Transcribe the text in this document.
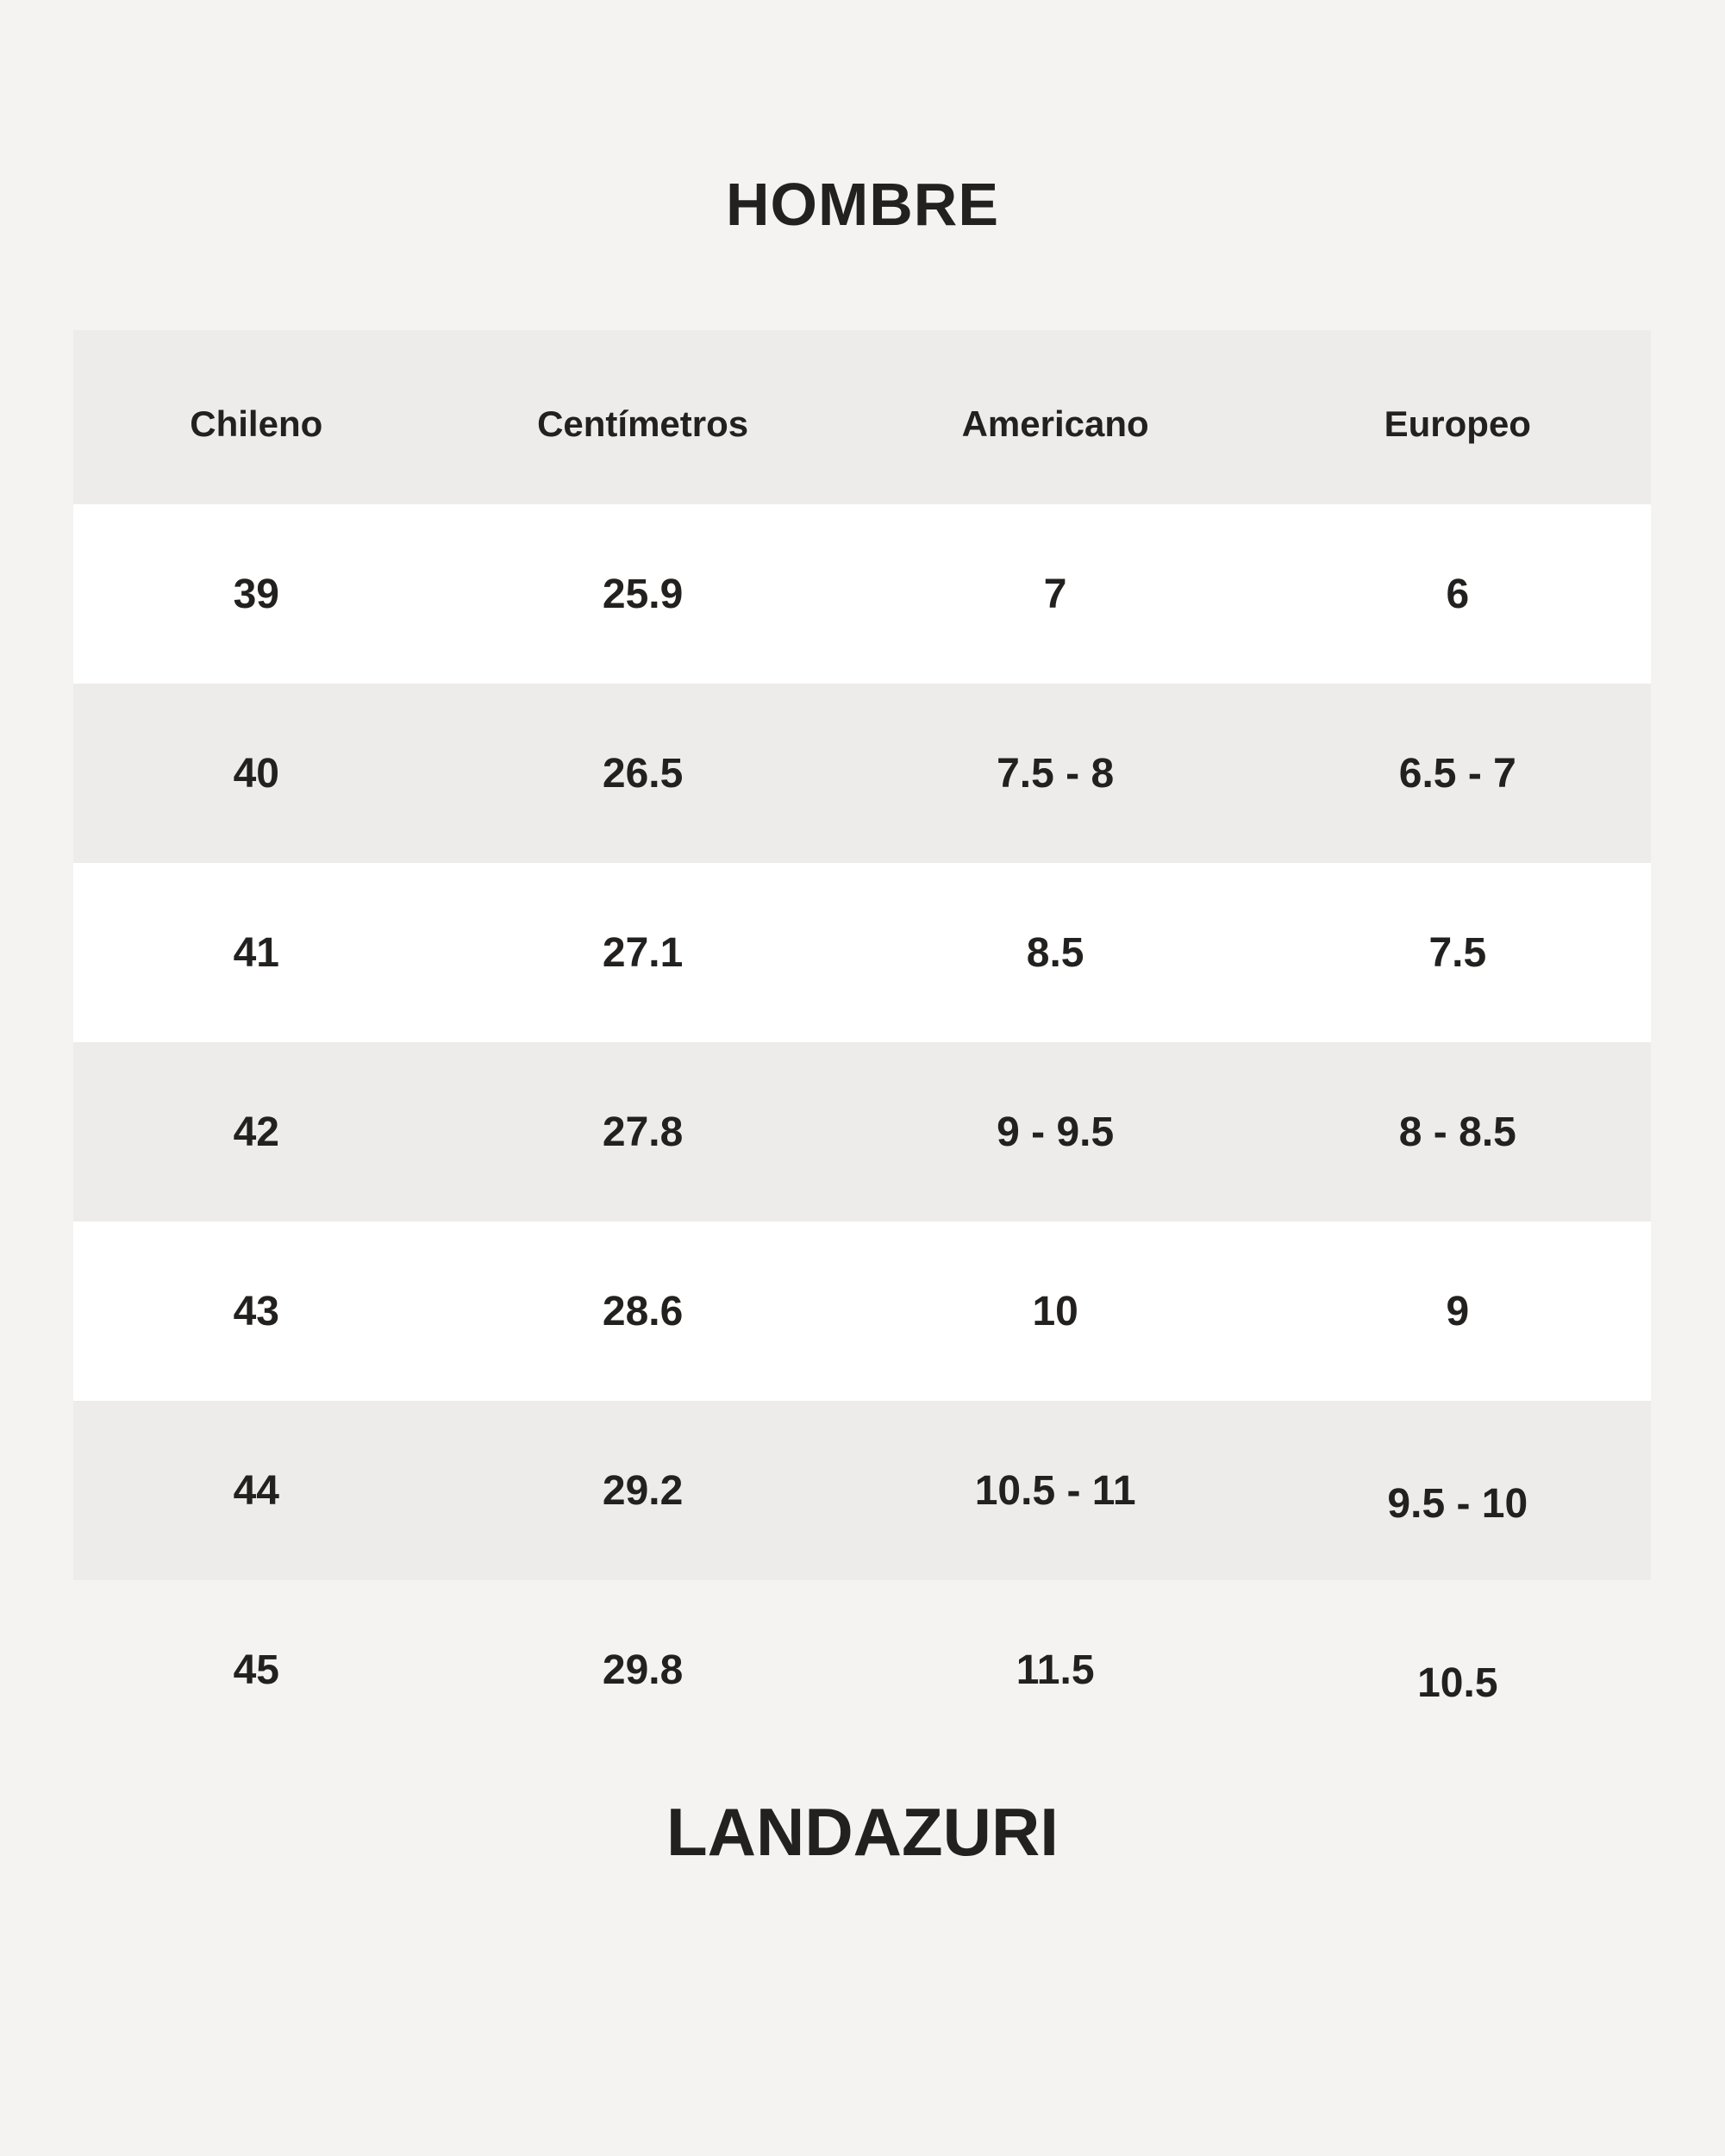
HOMBRE
Chileno	Centímetros	Americano	Europeo
39	25.9	7	6
40	26.5	7.5 - 8	6.5 - 7
41	27.1	8.5	7.5
42	27.8	9 - 9.5	8 - 8.5
43	28.6	10	9
44	29.2	10.5 - 11	9.5 - 10
45	29.8	11.5	10.5
LANDAZURI
